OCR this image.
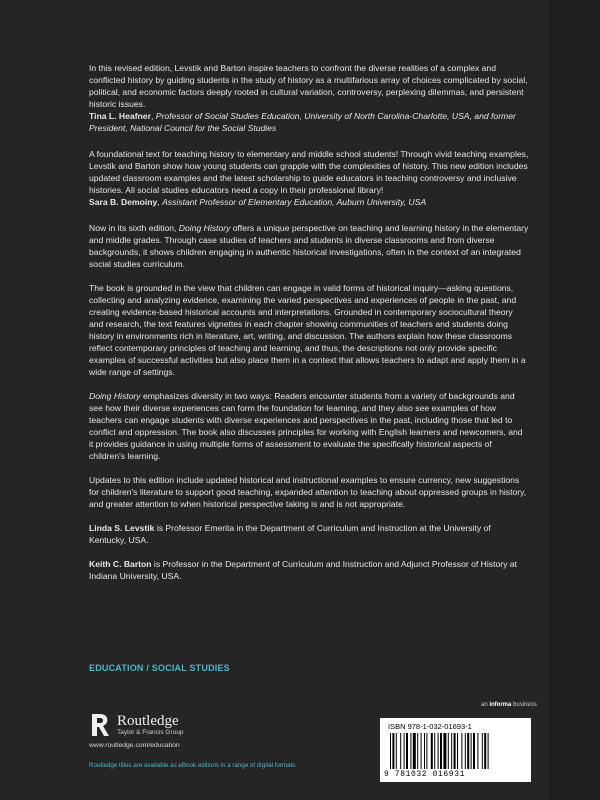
In this revised edition, Levstik and Barton inspire teachers to confront the diverse realities of a complex and conflicted history by guiding students in the study of history as a multifarious array of choices complicated by social, political, and economic factors deeply rooted in cultural variation, controversy, perplexing dilemmas, and persistent historic issues.
Tina L. Heafner, Professor of Social Studies Education, University of North Carolina-Charlotte, USA, and former President, National Council for the Social Studies

A foundational text for teaching history to elementary and middle school students! Through vivid teaching examples, Levstik and Barton show how young students can grapple with the complexities of history. This new edition includes updated classroom examples and the latest scholarship to guide educators in teaching controversy and inclusive histories. All social studies educators need a copy in their professional library!
Sara B. Demoiny, Assistant Professor of Elementary Education, Auburn University, USA

Now in its sixth edition, Doing History offers a unique perspective on teaching and learning history in the elementary and middle grades. Through case studies of teachers and students in diverse classrooms and from diverse backgrounds, it shows children engaging in authentic historical investigations, often in the context of an integrated social studies curriculum.

The book is grounded in the view that children can engage in valid forms of historical inquiry—asking questions, collecting and analyzing evidence, examining the varied perspectives and experiences of people in the past, and creating evidence-based historical accounts and interpretations. Grounded in contemporary sociocultural theory and research, the text features vignettes in each chapter showing communities of teachers and students doing history in environments rich in literature, art, writing, and discussion. The authors explain how these classrooms reflect contemporary principles of teaching and learning, and thus, the descriptions not only provide specific examples of successful activities but also place them in a context that allows teachers to adapt and apply them in a wide range of settings.

Doing History emphasizes diversity in two ways: Readers encounter students from a variety of backgrounds and see how their diverse experiences can form the foundation for learning, and they also see examples of how teachers can engage students with diverse experiences and perspectives in the past, including those that led to conflict and oppression. The book also discusses principles for working with English learners and newcomers, and it provides guidance in using multiple forms of assessment to evaluate the specifically historical aspects of children's learning.

Updates to this edition include updated historical and instructional examples to ensure currency, new suggestions for children's literature to support good teaching, expanded attention to teaching about oppressed groups in history, and greater attention to when historical perspective taking is and is not appropriate.

Linda S. Levstik is Professor Emerita in the Department of Curriculum and Instruction at the University of Kentucky, USA.

Keith C. Barton is Professor in the Department of Curriculum and Instruction and Adjunct Professor of History at Indiana University, USA.

EDUCATION / SOCIAL STUDIES
Routledge
Taylor & Francis Group
www.routledge.com/education
Routledge titles are available as eBook editions in a range of digital formats
an informa business
ISBN 978-1-032-01693-1
9 781032 016931
